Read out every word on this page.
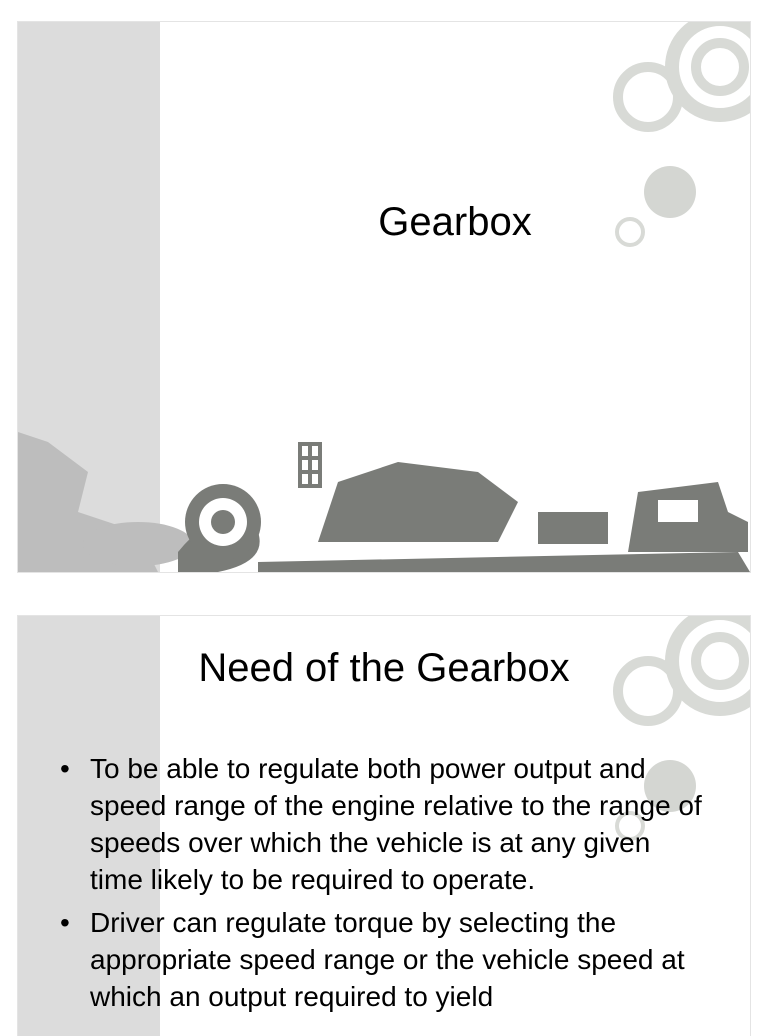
Gearbox
Need of the Gearbox
• To be able to regulate both power output and speed range of the engine relative to the range of speeds over which the vehicle is at any given time likely to be required to operate.
• Driver can regulate torque by selecting the appropriate speed range or the vehicle speed at which an output required to yield
